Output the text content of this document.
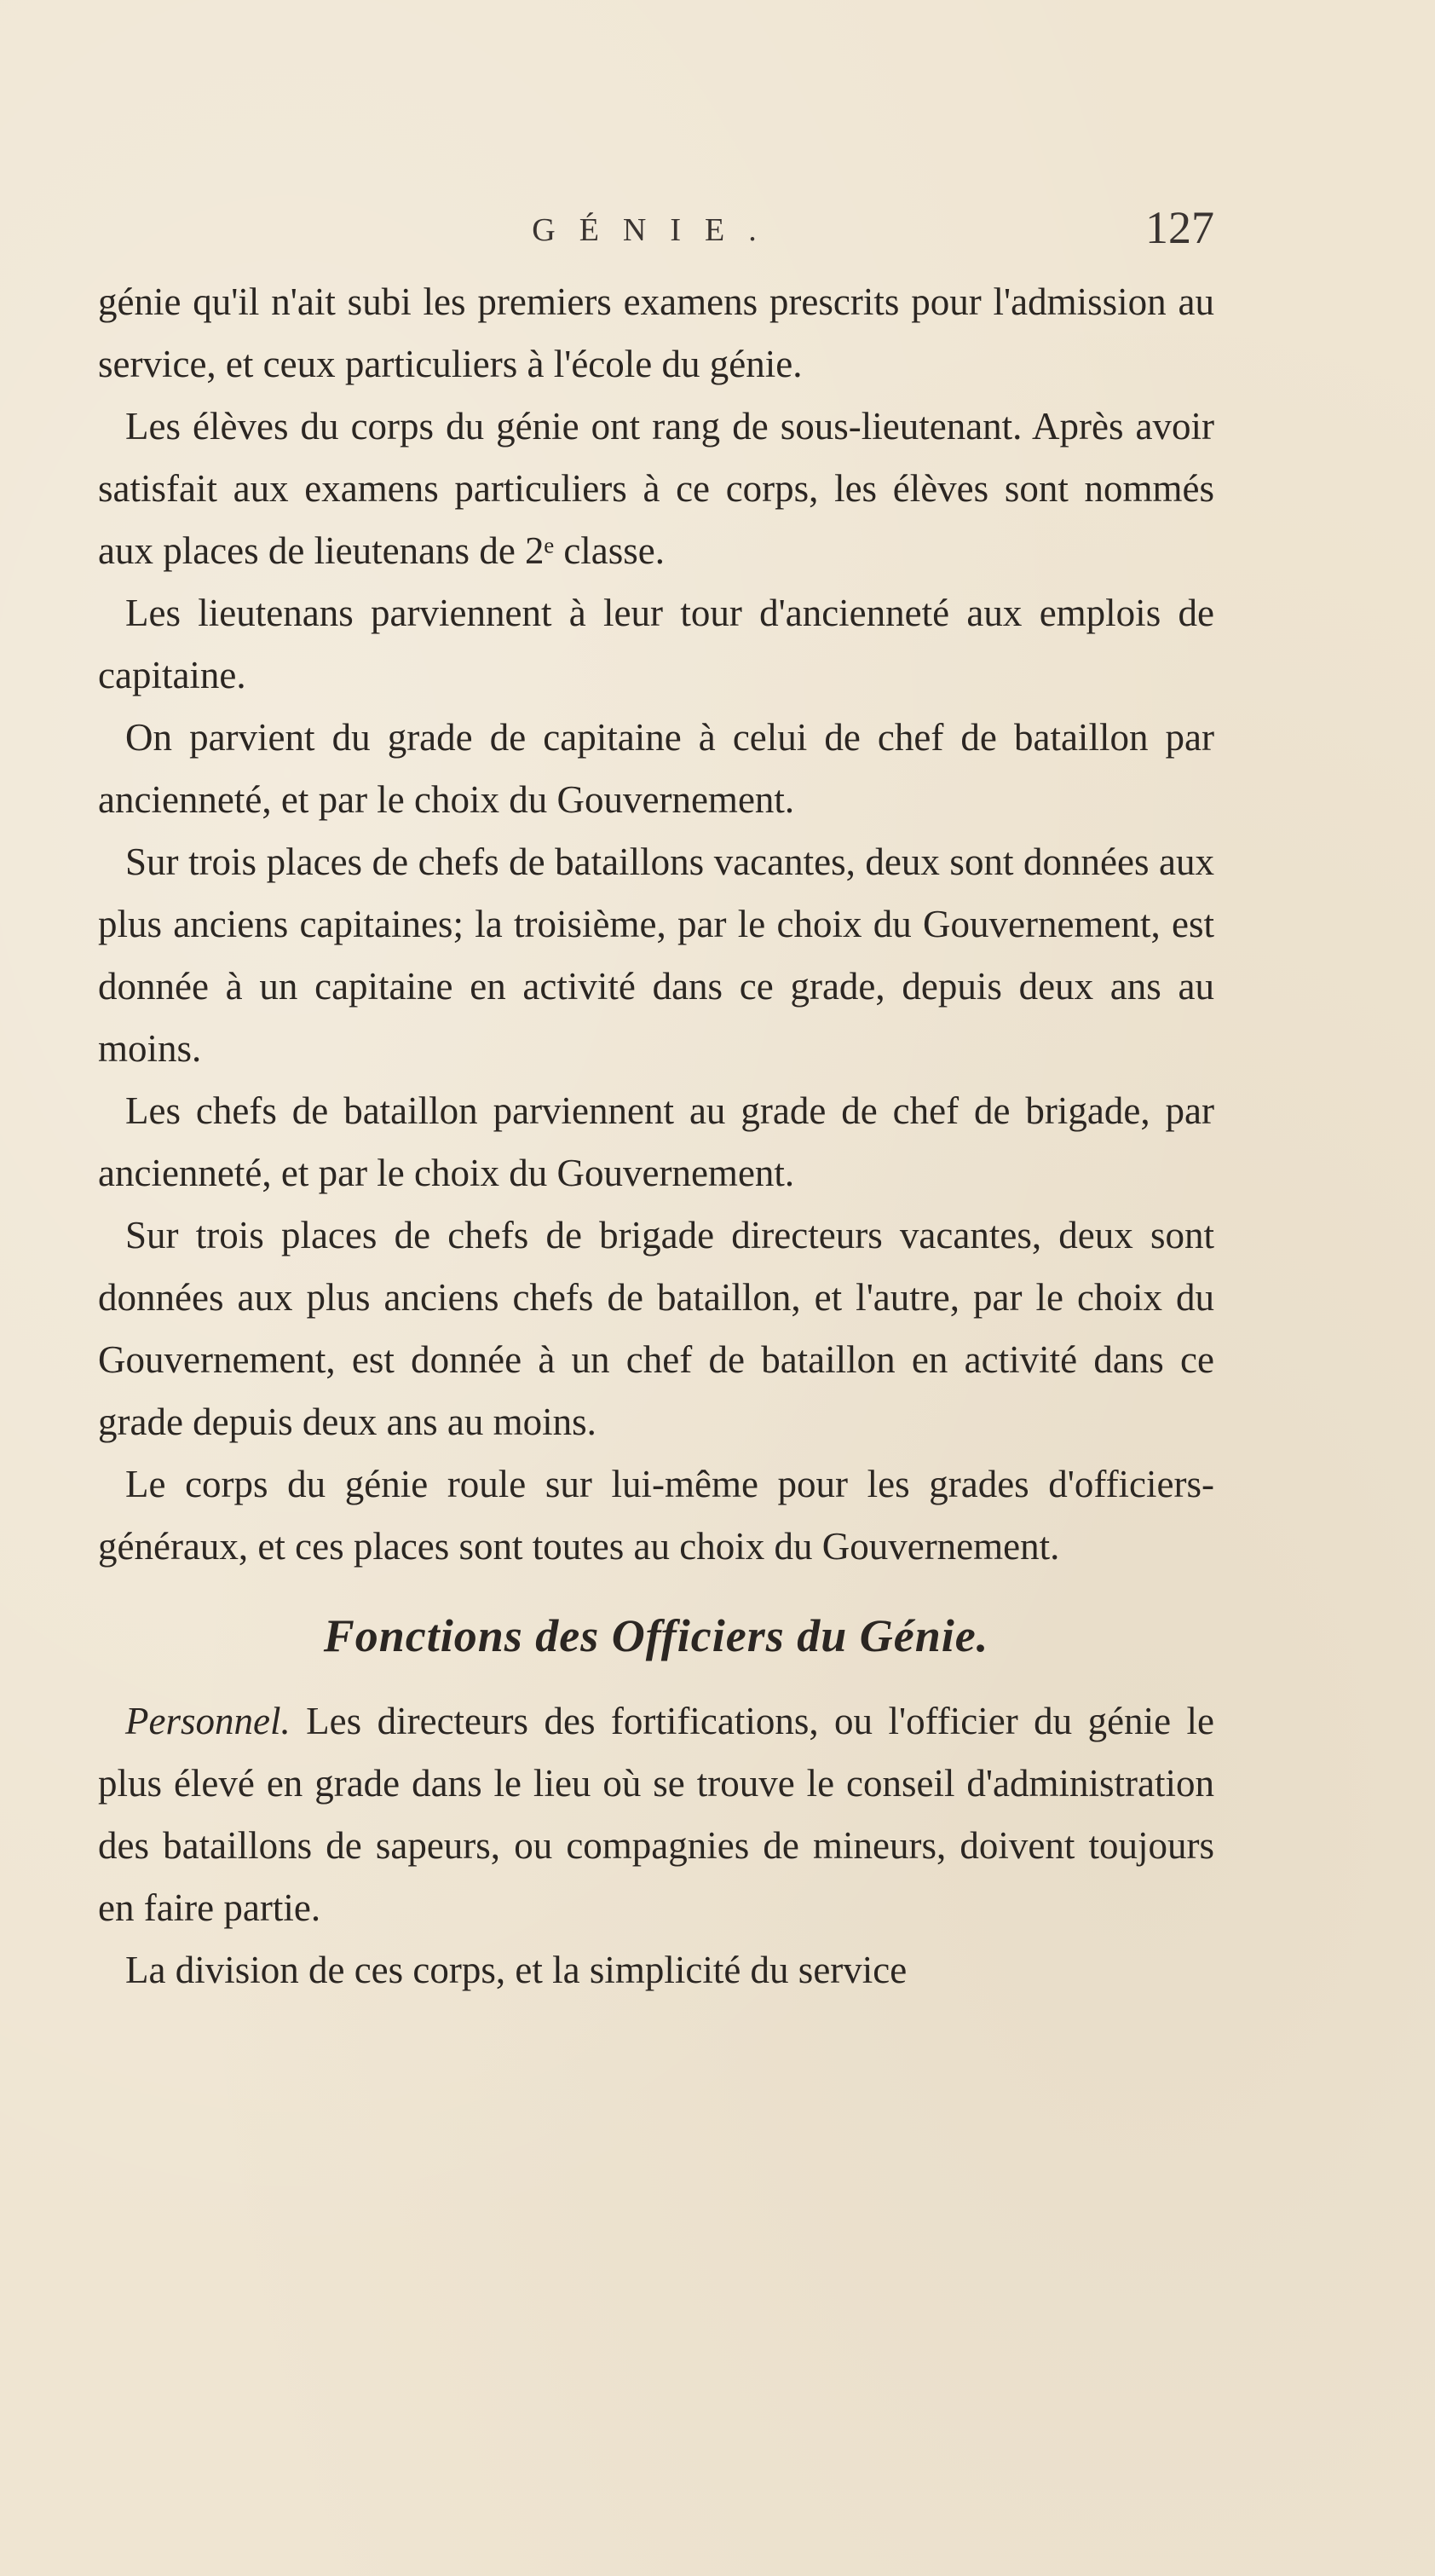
GÉNIE.	127

génie qu'il n'ait subi les premiers examens prescrits pour l'admission au service, et ceux particuliers à l'école du génie.

Les élèves du corps du génie ont rang de sous-lieutenant. Après avoir satisfait aux examens particuliers à ce corps, les élèves sont nommés aux places de lieutenans de 2ᵉ classe.

Les lieutenans parviennent à leur tour d'ancienneté aux emplois de capitaine.

On parvient du grade de capitaine à celui de chef de bataillon par ancienneté, et par le choix du Gouvernement.

Sur trois places de chefs de bataillons vacantes, deux sont données aux plus anciens capitaines; la troisième, par le choix du Gouvernement, est donnée à un capitaine en activité dans ce grade, depuis deux ans au moins.

Les chefs de bataillon parviennent au grade de chef de brigade, par ancienneté, et par le choix du Gouvernement.

Sur trois places de chefs de brigade directeurs vacantes, deux sont données aux plus anciens chefs de bataillon, et l'autre, par le choix du Gouvernement, est donnée à un chef de bataillon en activité dans ce grade depuis deux ans au moins.

Le corps du génie roule sur lui-même pour les grades d'officiers-généraux, et ces places sont toutes au choix du Gouvernement.

Fonctions des Officiers du Génie.

Personnel. Les directeurs des fortifications, ou l'officier du génie le plus élevé en grade dans le lieu où se trouve le conseil d'administration des bataillons de sapeurs, ou compagnies de mineurs, doivent toujours en faire partie.

La division de ces corps, et la simplicité du service
